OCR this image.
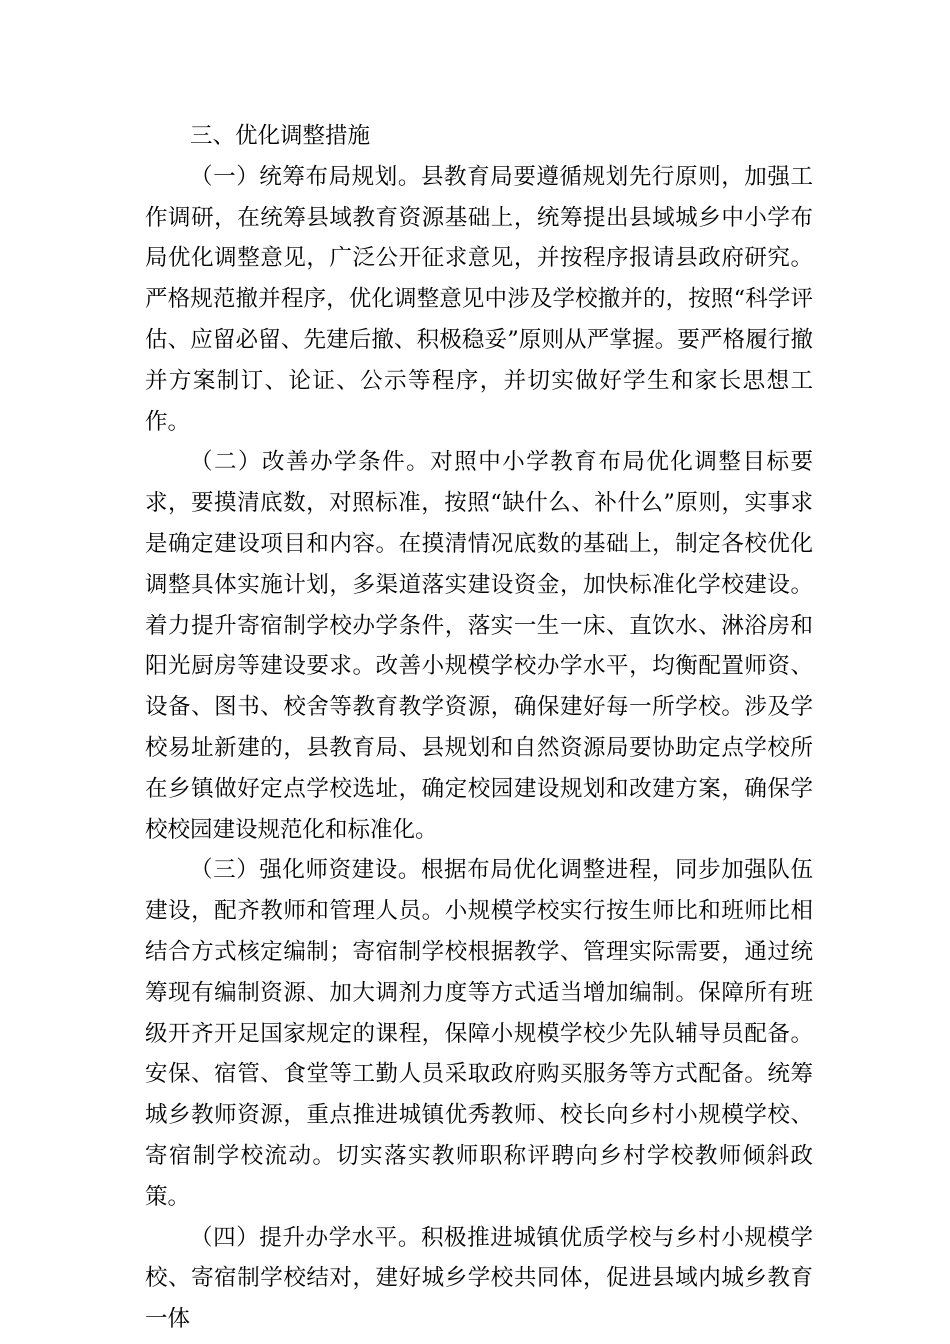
三、优化调整措施

（一）统筹布局规划。县教育局要遵循规划先行原则，加强工作调研，在统筹县域教育资源基础上，统筹提出县域城乡中小学布局优化调整意见，广泛公开征求意见，并按程序报请县政府研究。严格规范撤并程序，优化调整意见中涉及学校撤并的，按照“科学评估、应留必留、先建后撤、积极稳妥”原则从严掌握。要严格履行撤并方案制订、论证、公示等程序，并切实做好学生和家长思想工作。

（二）改善办学条件。对照中小学教育布局优化调整目标要求，要摸清底数，对照标准，按照“缺什么、补什么”原则，实事求是确定建设项目和内容。在摸清情况底数的基础上，制定各校优化调整具体实施计划，多渠道落实建设资金，加快标准化学校建设。着力提升寄宿制学校办学条件，落实一生一床、直饮水、淋浴房和阳光厨房等建设要求。改善小规模学校办学水平，均衡配置师资、设备、图书、校舍等教育教学资源，确保建好每一所学校。涉及学校易址新建的，县教育局、县规划和自然资源局要协助定点学校所在乡镇做好定点学校选址，确定校园建设规划和改建方案，确保学校校园建设规范化和标准化。

（三）强化师资建设。根据布局优化调整进程，同步加强队伍建设，配齐教师和管理人员。小规模学校实行按生师比和班师比相结合方式核定编制；寄宿制学校根据教学、管理实际需要，通过统筹现有编制资源、加大调剂力度等方式适当增加编制。保障所有班级开齐开足国家规定的课程，保障小规模学校少先队辅导员配备。安保、宿管、食堂等工勤人员采取政府购买服务等方式配备。统筹城乡教师资源，重点推进城镇优秀教师、校长向乡村小规模学校、寄宿制学校流动。切实落实教师职称评聘向乡村学校教师倾斜政策。

（四）提升办学水平。积极推进城镇优质学校与乡村小规模学校、寄宿制学校结对，建好城乡学校共同体，促进县域内城乡教育一体
